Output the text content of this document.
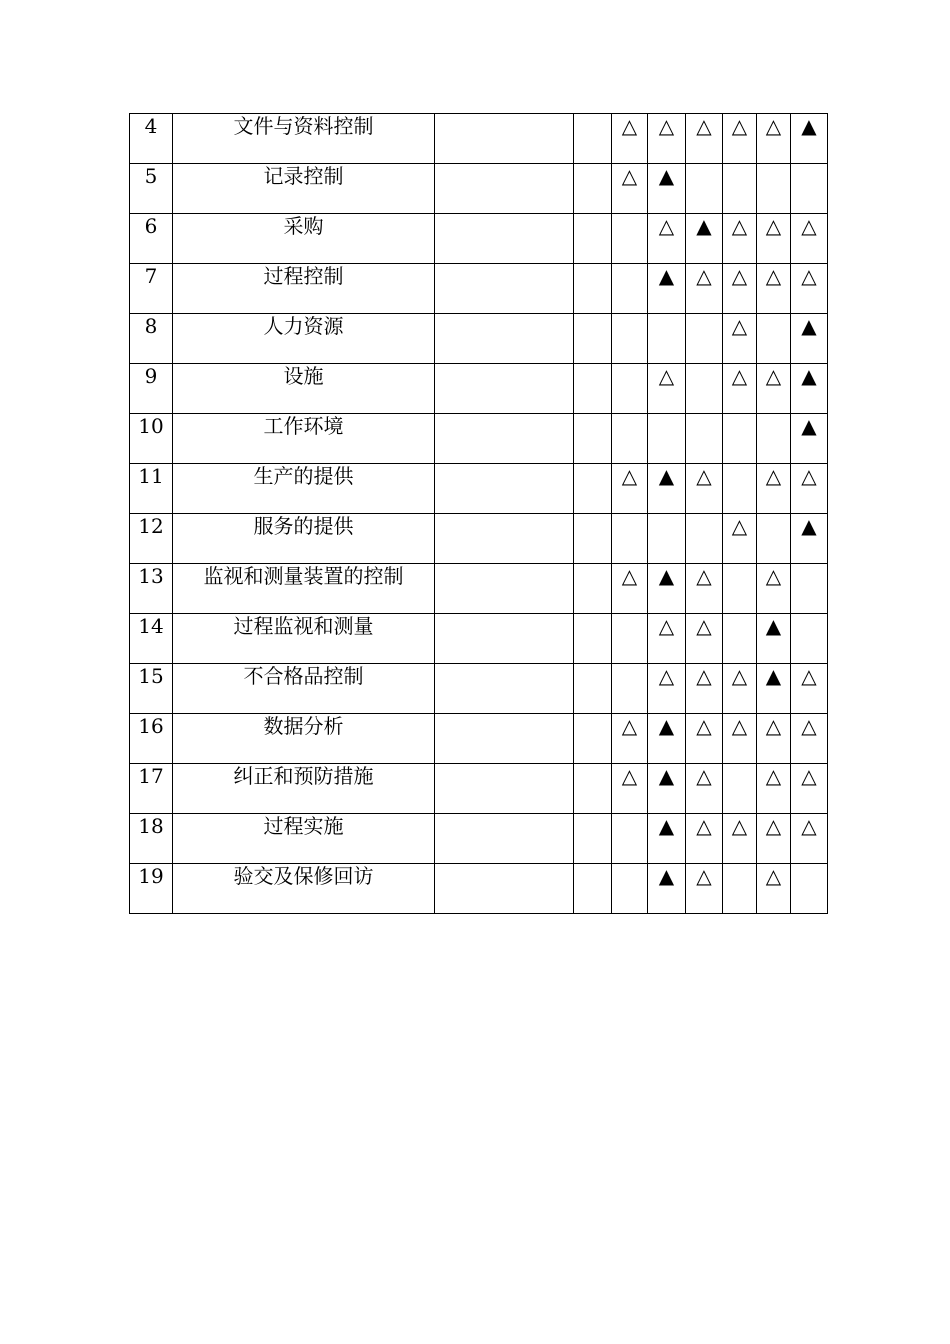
4	文件与资料控制			△	△	△	△	△	▲
5	记录控制			△	▲				
6	采购				△	▲	△	△	△
7	过程控制				▲	△	△	△	△
8	人力资源						△		▲
9	设施				△		△	△	▲
10	工作环境								▲
11	生产的提供			△	▲	△		△	△
12	服务的提供						△		▲
13	监视和测量装置的控制			△	▲	△		△	
14	过程监视和测量				△	△		▲	
15	不合格品控制				△	△	△	▲	△
16	数据分析			△	▲	△	△	△	△
17	纠正和预防措施			△	▲	△		△	△
18	过程实施				▲	△	△	△	△
19	验交及保修回访				▲	△		△	
